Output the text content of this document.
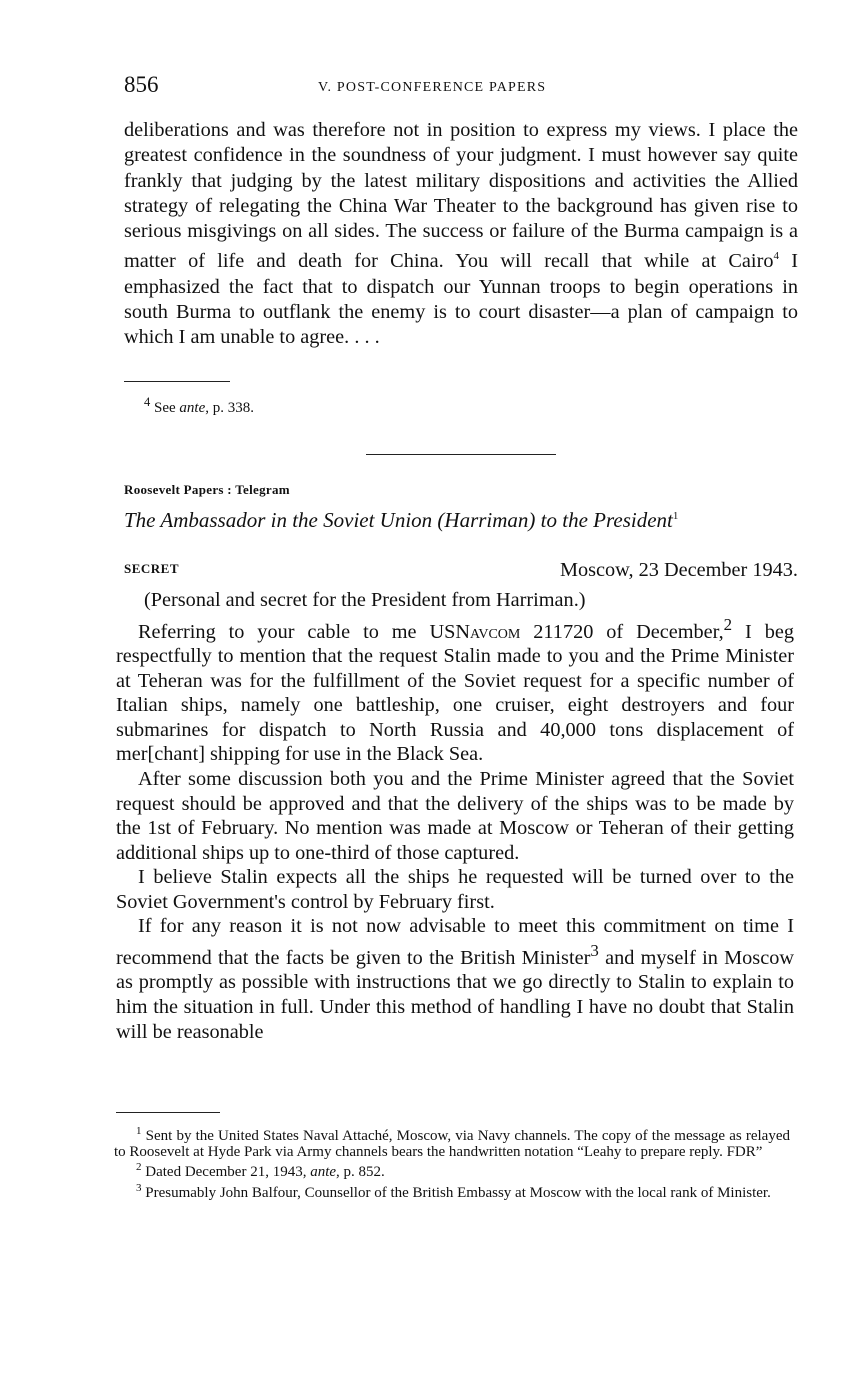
856	V. POST-CONFERENCE PAPERS

deliberations and was therefore not in position to express my views. I place the greatest confidence in the soundness of your judgment. I must however say quite frankly that judging by the latest military dispositions and activities the Allied strategy of relegating the China War Theater to the background has given rise to serious misgivings on all sides. The success or failure of the Burma campaign is a matter of life and death for China. You will recall that while at Cairo$^4$ I emphasized the fact that to dispatch our Yunnan troops to begin operations in south Burma to outflank the enemy is to court disaster—a plan of campaign to which I am unable to agree. . . .

$^4$ See ante, p. 338.

Roosevelt Papers : Telegram

The Ambassador in the Soviet Union (Harriman) to the President$^1$

SECRET	Moscow, 23 December 1943.

(Personal and secret for the President from Harriman.)

Referring to your cable to me USNavcom 211720 of December,$^2$ I beg respectfully to mention that the request Stalin made to you and the Prime Minister at Teheran was for the fulfillment of the Soviet request for a specific number of Italian ships, namely one battleship, one cruiser, eight destroyers and four submarines for dispatch to North Russia and 40,000 tons displacement of mer[chant] shipping for use in the Black Sea.

After some discussion both you and the Prime Minister agreed that the Soviet request should be approved and that the delivery of the ships was to be made by the 1st of February. No mention was made at Moscow or Teheran of their getting additional ships up to one-third of those captured.

I believe Stalin expects all the ships he requested will be turned over to the Soviet Government's control by February first.

If for any reason it is not now advisable to meet this commitment on time I recommend that the facts be given to the British Minister$^3$ and myself in Moscow as promptly as possible with instructions that we go directly to Stalin to explain to him the situation in full. Under this method of handling I have no doubt that Stalin will be reasonable

$^1$ Sent by the United States Naval Attaché, Moscow, via Navy channels. The copy of the message as relayed to Roosevelt at Hyde Park via Army channels bears the handwritten notation “Leahy to prepare reply. FDR”

$^2$ Dated December 21, 1943, ante, p. 852.

$^3$ Presumably John Balfour, Counsellor of the British Embassy at Moscow with the local rank of Minister.
